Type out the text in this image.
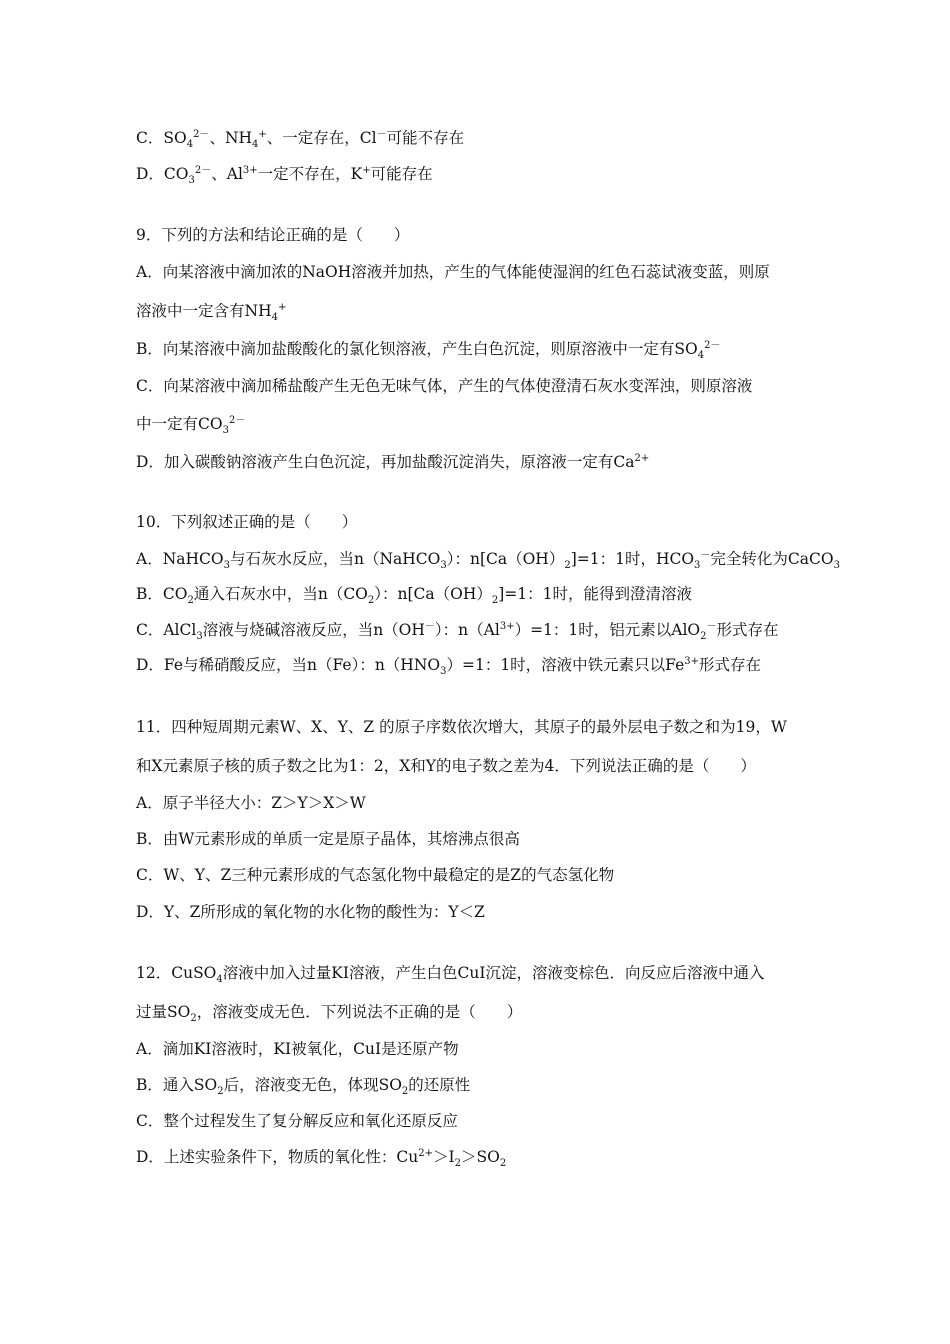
C．$SO_4^{2-}$、$NH_4^+$、一定存在，Cl－可能不存在
D．$CO_3^{2-}$、$Al^{3+}$一定不存在，K+可能存在
9．下列的方法和结论正确的是（　　）
A．向某溶液中滴加浓的NaOH溶液并加热，产生的气体能使湿润的红色石蕊试液变蓝，则原
溶液中一定含有$NH_4^+$
B．向某溶液中滴加盐酸酸化的氯化钡溶液，产生白色沉淀，则原溶液中一定有$SO_4^{2-}$
C．向某溶液中滴加稀盐酸产生无色无味气体，产生的气体使澄清石灰水变浑浊，则原溶液
中一定有$CO_3^{2-}$
D．加入碳酸钠溶液产生白色沉淀，再加盐酸沉淀消失，原溶液一定有$Ca^{2+}$
10．下列叙述正确的是（　　）
A．NaHCO$_3$与石灰水反应，当n（NaHCO$_3$）：$n[Ca(OH)_2]=1$：1时，$HCO_3^-$完全转化为CaCO$_3$
B．$CO_2$通入石灰水中，当$n(CO_2)$：$n[Ca(OH)_2]=1$：1时，能得到澄清溶液
C．AlCl$_3$溶液与烧碱溶液反应，当n（OH－）：$n(Al^{3+})=1$：1时，铝元素以AlO$_2$－形式存在
D．Fe与稀硝酸反应，当n（Fe）：$n(HNO_3)=1$：1时，溶液中铁元素只以$Fe^{3+}$形式存在
11．四种短周期元素W、X、Y、Z 的原子序数依次增大，其原子的最外层电子数之和为19，W
和X元素原子核的质子数之比为1：2，X和Y的电子数之差为4．下列说法正确的是（　　）
A．原子半径大小：Z＞Y＞X＞W
B．由W元素形成的单质一定是原子晶体，其熔沸点很高
C．W、Y、Z三种元素形成的气态氢化物中最稳定的是Z的气态氢化物
D．Y、Z所形成的氧化物的水化物的酸性为：Y＜Z
12．CuSO$_4$溶液中加入过量KI溶液，产生白色CuI沉淀，溶液变棕色．向反应后溶液中通入
过量$SO_2$，溶液变成无色．下列说法不正确的是（　　）
A．滴加KI溶液时，KI被氧化，CuI是还原产物
B．通入$SO_2$后，溶液变无色，体现$SO_2$的还原性
C．整个过程发生了复分解反应和氧化还原反应
D．上述实验条件下，物质的氧化性：$Cu^{2+}>I_2>SO_2$
